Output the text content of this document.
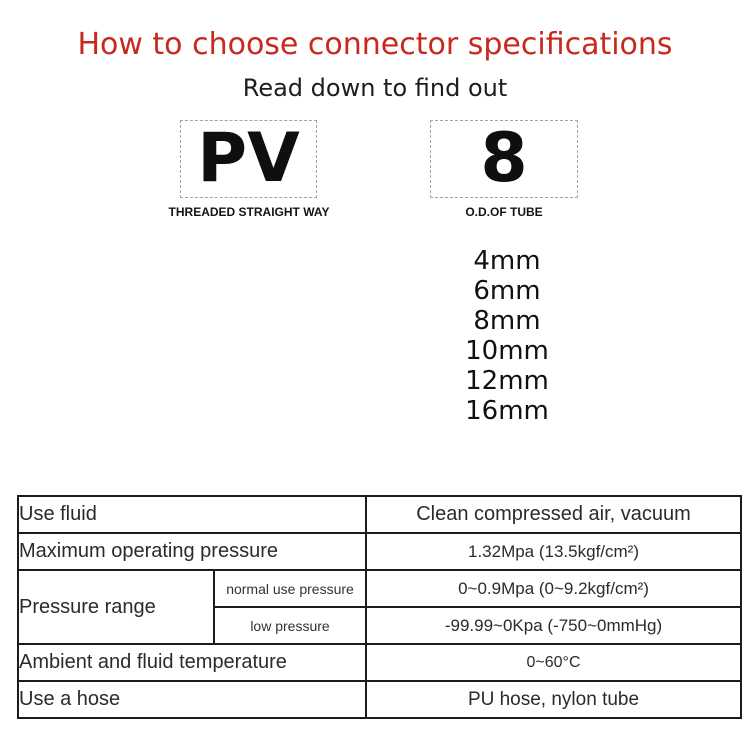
How to choose connector specifications
Read down to find out
PV	8
THREADED STRAIGHT WAY	O.D.OF TUBE
4mm
6mm
8mm
10mm
12mm
16mm
Use fluid		Clean compressed air, vacuum
Maximum operating pressure		1.32Mpa (13.5kgf/cm²)
Pressure range	normal use pressure	0~0.9Mpa (0~9.2kgf/cm²)
	low pressure	-99.99~0Kpa (-750~0mmHg)
Ambient and fluid temperature		0~60°C
Use a hose		PU hose, nylon tube
